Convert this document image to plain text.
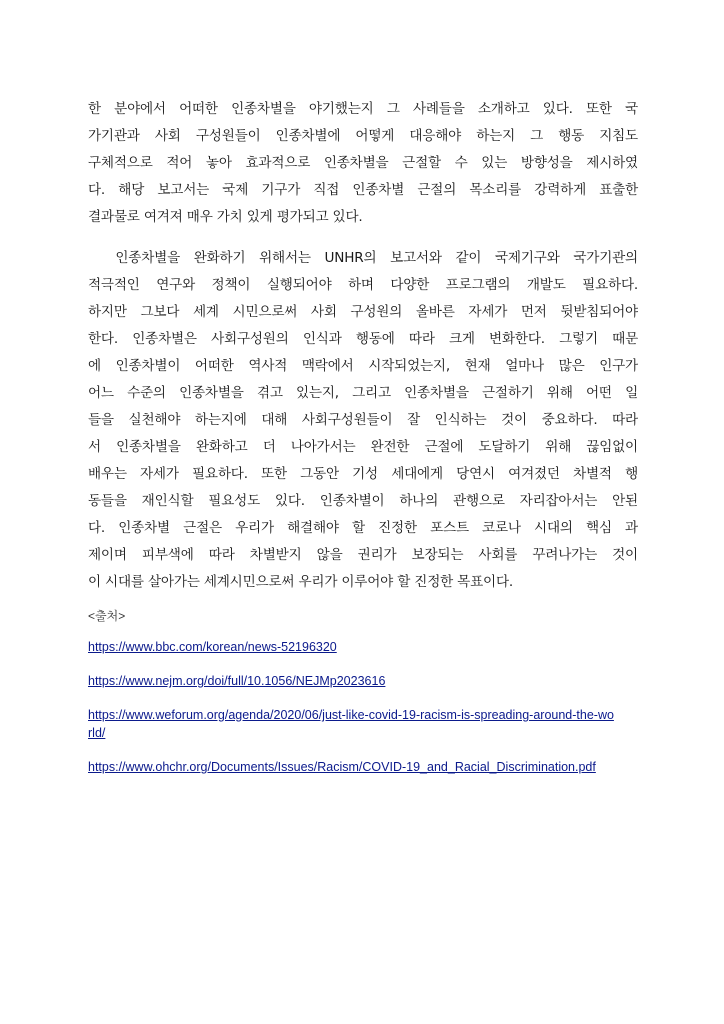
한 분야에서 어떠한 인종차별을 야기했는지 그 사례들을 소개하고 있다. 또한 국
가기관과 사회 구성원들이 인종차별에 어떻게 대응해야 하는지 그 행동 지침도
구체적으로 적어 놓아 효과적으로 인종차별을 근절할 수 있는 방향성을 제시하였
다. 해당 보고서는 국제 기구가 직접 인종차별 근절의 목소리를 강력하게 표출한
결과물로 여겨져 매우 가치 있게 평가되고 있다.

인종차별을 완화하기 위해서는 UNHR의 보고서와 같이 국제기구와 국가기관의
적극적인 연구와 정책이 실행되어야 하며 다양한 프로그램의 개발도 필요하다.
하지만 그보다 세계 시민으로써 사회 구성원의 올바른 자세가 먼저 뒷받침되어야
한다. 인종차별은 사회구성원의 인식과 행동에 따라 크게 변화한다. 그렇기 때문
에 인종차별이 어떠한 역사적 맥락에서 시작되었는지, 현재 얼마나 많은 인구가
어느 수준의 인종차별을 겪고 있는지, 그리고 인종차별을 근절하기 위해 어떤 일
들을 실천해야 하는지에 대해 사회구성원들이 잘 인식하는 것이 중요하다. 따라
서 인종차별을 완화하고 더 나아가서는 완전한 근절에 도달하기 위해 끊임없이
배우는 자세가 필요하다. 또한 그동안 기성 세대에게 당연시 여겨졌던 차별적 행
동들을 재인식할 필요성도 있다. 인종차별이 하나의 관행으로 자리잡아서는 안된
다. 인종차별 근절은 우리가 해결해야 할 진정한 포스트 코로나 시대의 핵심 과
제이며 피부색에 따라 차별받지 않을 권리가 보장되는 사회를 꾸려나가는 것이
이 시대를 살아가는 세계시민으로써 우리가 이루어야 할 진정한 목표이다.

<출처>
https://www.bbc.com/korean/news-52196320
https://www.nejm.org/doi/full/10.1056/NEJMp2023616
https://www.weforum.org/agenda/2020/06/just-like-covid-19-racism-is-spreading-around-the-world/
https://www.ohchr.org/Documents/Issues/Racism/COVID-19_and_Racial_Discrimination.pdf
